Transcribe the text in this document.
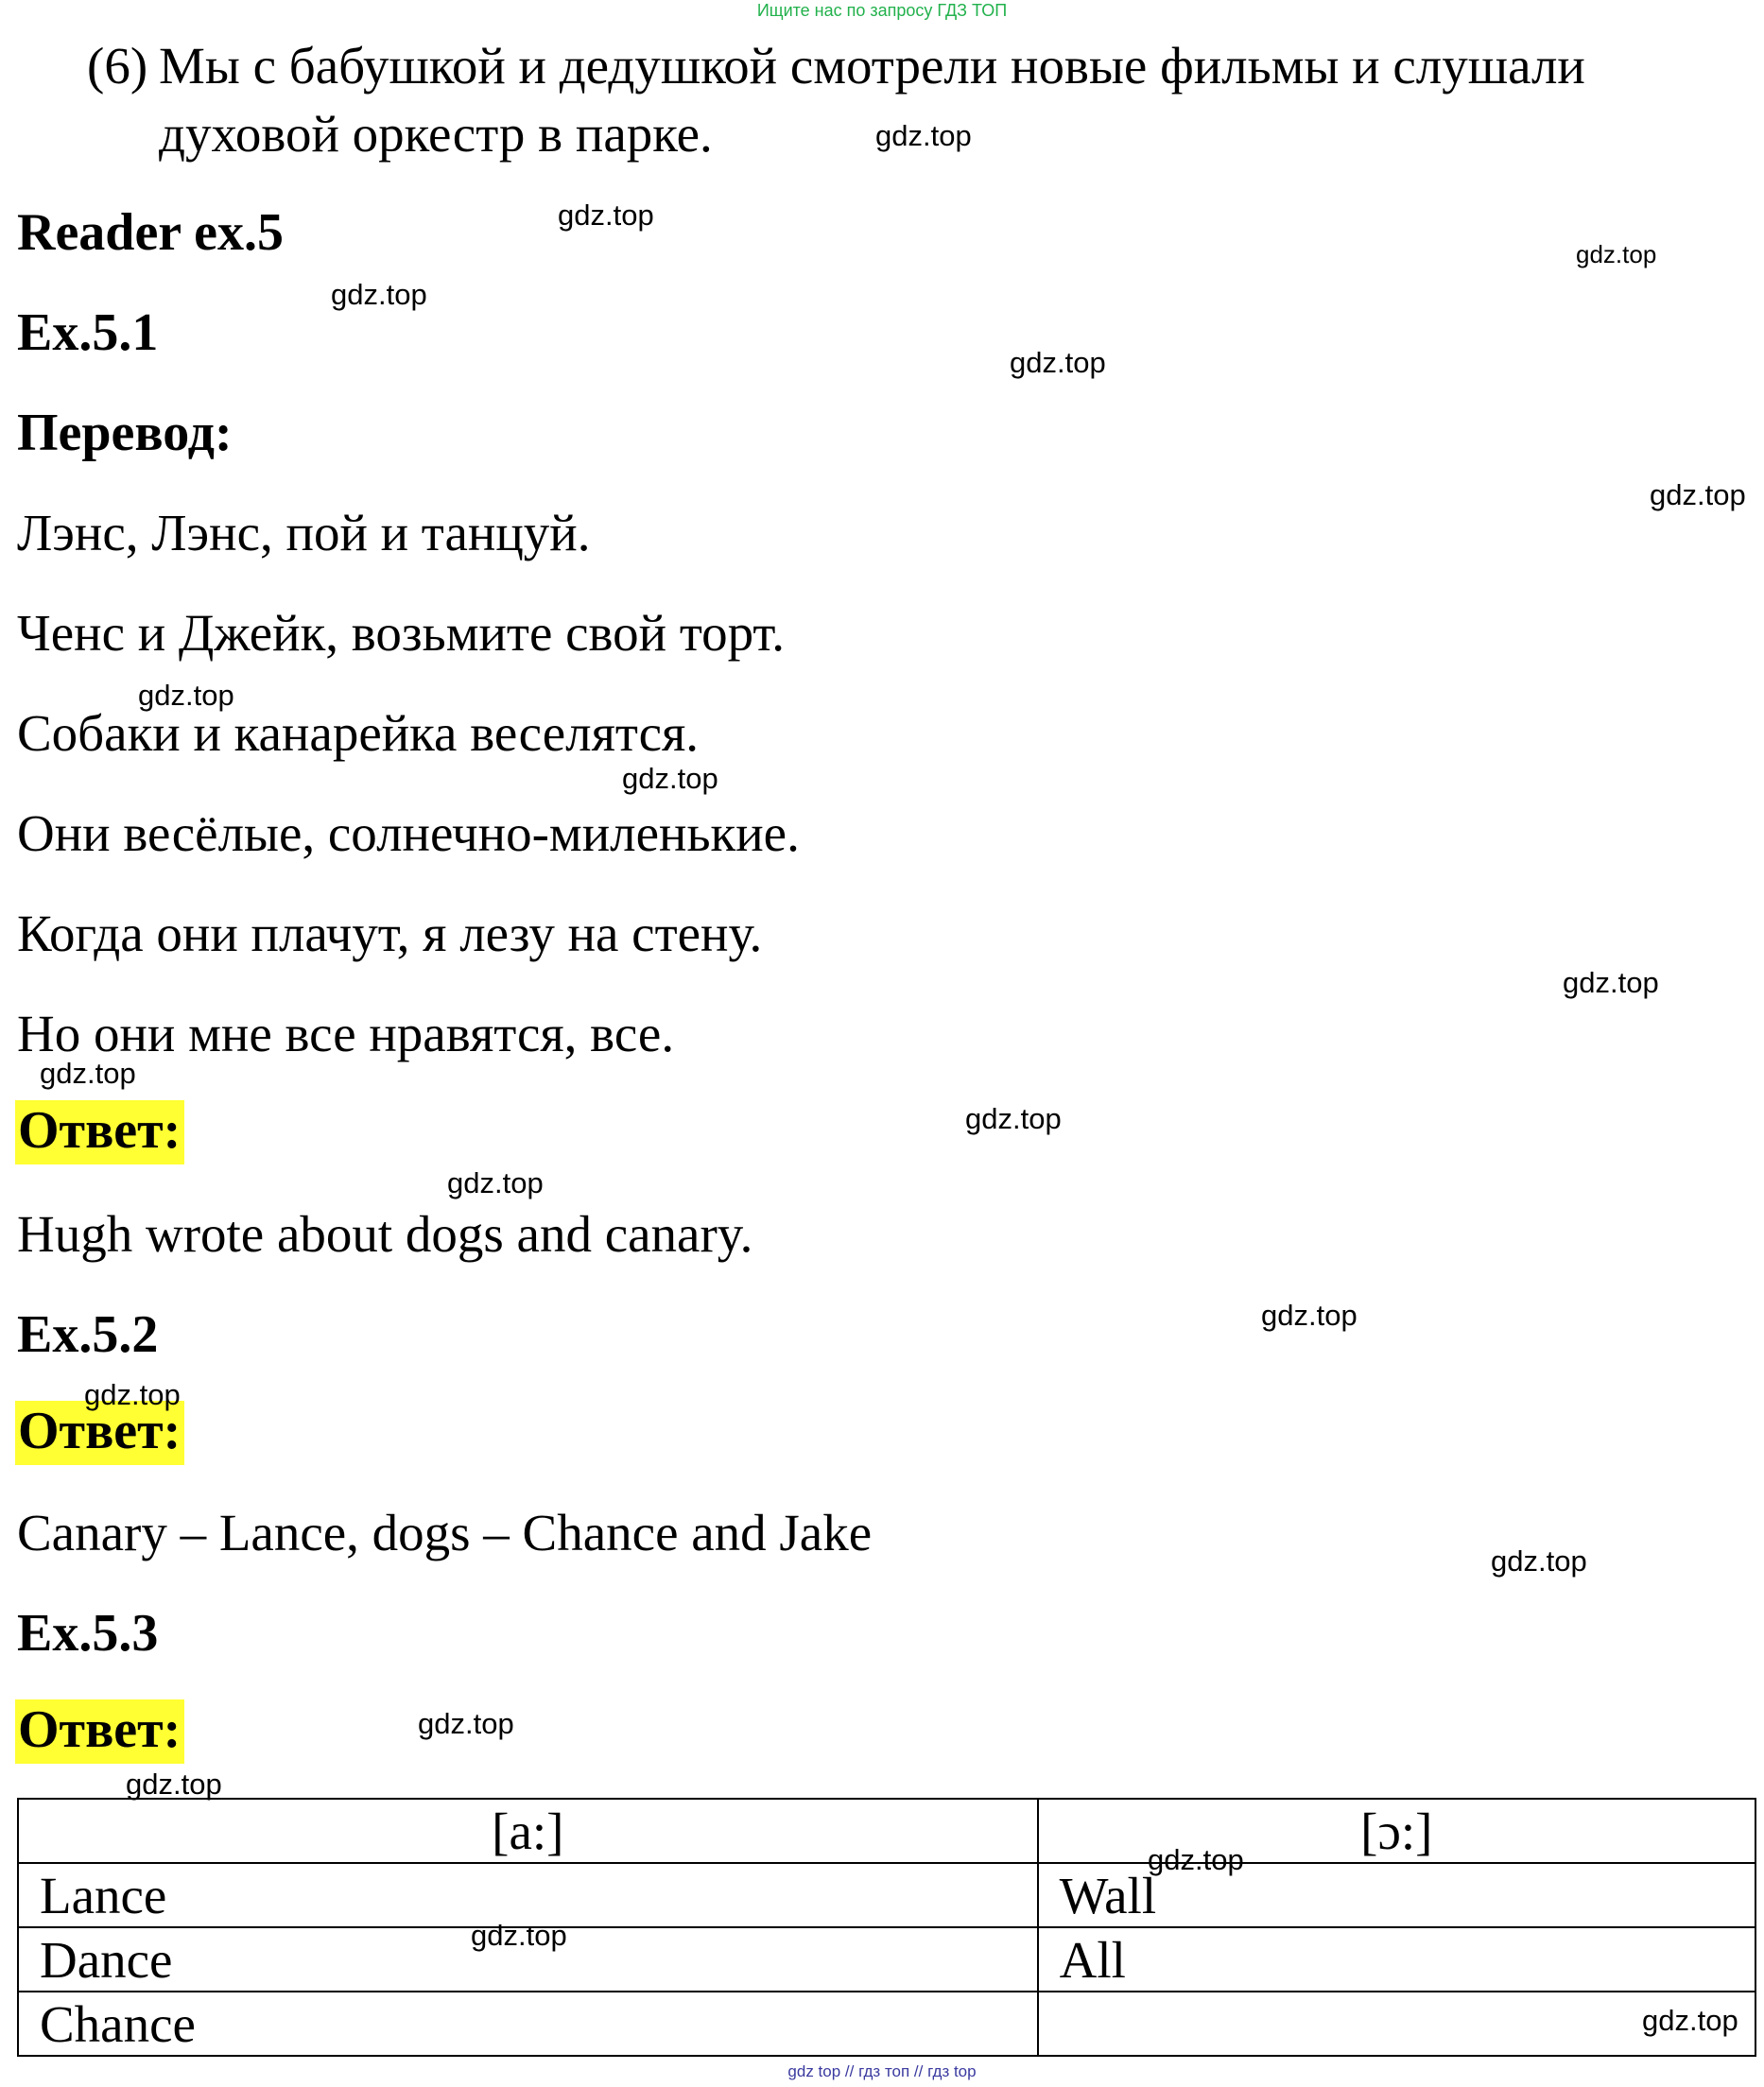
Ищите нас по запросу ГДЗ ТОП
(6) Мы с бабушкой и дедушкой смотрели новые фильмы и слушали
духовой оркестр в парке.
Reader ex.5
Ex.5.1
Перевод:
Лэнс, Лэнс, пой и танцуй.
Ченс и Джейк, возьмите свой торт.
Собаки и канарейка веселятся.
Они весёлые, солнечно-миленькие.
Когда они плачут, я лезу на стену.
Но они мне все нравятся, все.
Ответ:
Hugh wrote about dogs and canary.
Ex.5.2
Ответ:
Canary – Lance, dogs – Chance and Jake
Ex.5.3
Ответ:
[a:]	[ɔ:]
Lance	Wall
Dance	All
Chance	
gdz.top
gdz.top
gdz.top
gdz.top
gdz.top
gdz.top
gdz.top
gdz.top
gdz.top
gdz.top
gdz.top
gdz.top
gdz.top
gdz.top
gdz.top
gdz.top
gdz.top
gdz.top
gdz.top
gdz.top
gdz top // гдз топ // гдз top
